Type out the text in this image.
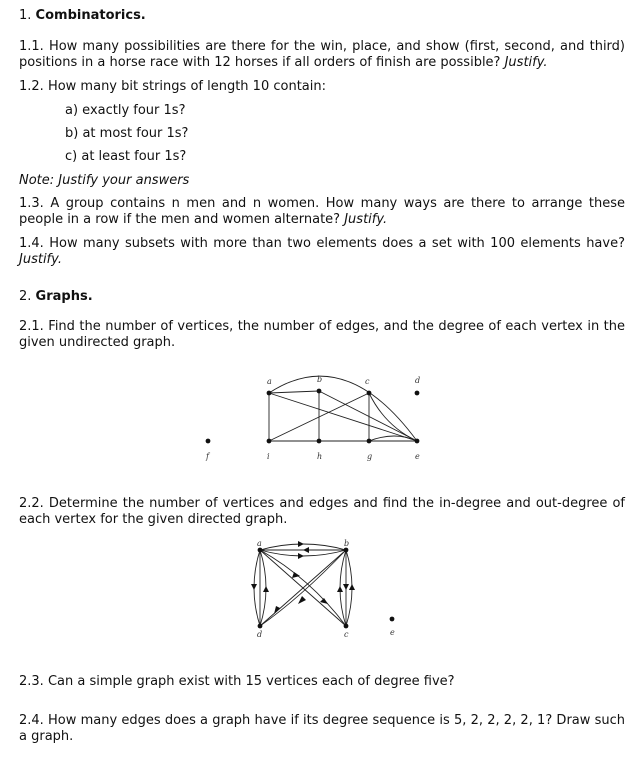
1. Combinatorics.
1.1. How many possibilities are there for the win, place, and show (first, second, and third) positions in a horse race with 12 horses if all orders of finish are possible? Justify.
1.2. How many bit strings of length 10 contain:
a) exactly four 1s?
b) at most four 1s?
c) at least four 1s?
Note: Justify your answers
1.3. A group contains n men and n women. How many ways are there to arrange these people in a row if the men and women alternate? Justify.
1.4. How many subsets with more than two elements does a set with 100 elements have? Justify.
2. Graphs.
2.1. Find the number of vertices, the number of edges, and the degree of each vertex in the given undirected graph.
a	b	c	d
f	i	h	g	e
2.2. Determine the number of vertices and edges and find the in-degree and out-degree of each vertex for the given directed graph.
a	b
d	c	e
2.3. Can a simple graph exist with 15 vertices each of degree five?
2.4. How many edges does a graph have if its degree sequence is 5, 2, 2, 2, 2, 1? Draw such a graph.
